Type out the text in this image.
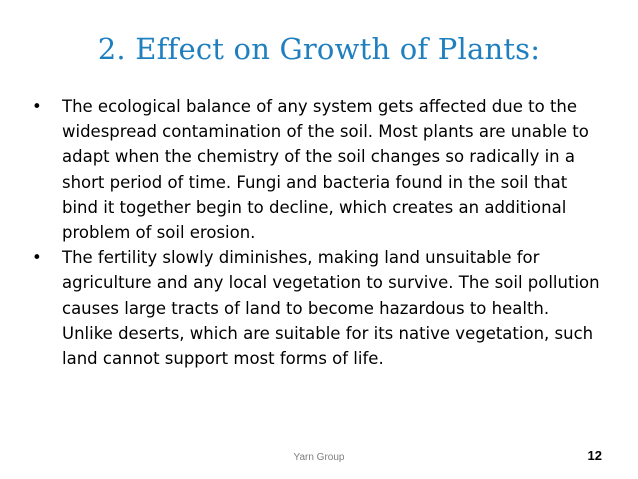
2. Effect on Growth of Plants:
•	The ecological balance of any system gets affected due to the widespread contamination of the soil. Most plants are unable to adapt when the chemistry of the soil changes so radically in a short period of time. Fungi and bacteria found in the soil that bind it together begin to decline, which creates an additional problem of soil erosion.
•	The fertility slowly diminishes, making land unsuitable for agriculture and any local vegetation to survive. The soil pollution causes large tracts of land to become hazardous to health. Unlike deserts, which are suitable for its native vegetation, such land cannot support most forms of life.
Yarn Group	12
